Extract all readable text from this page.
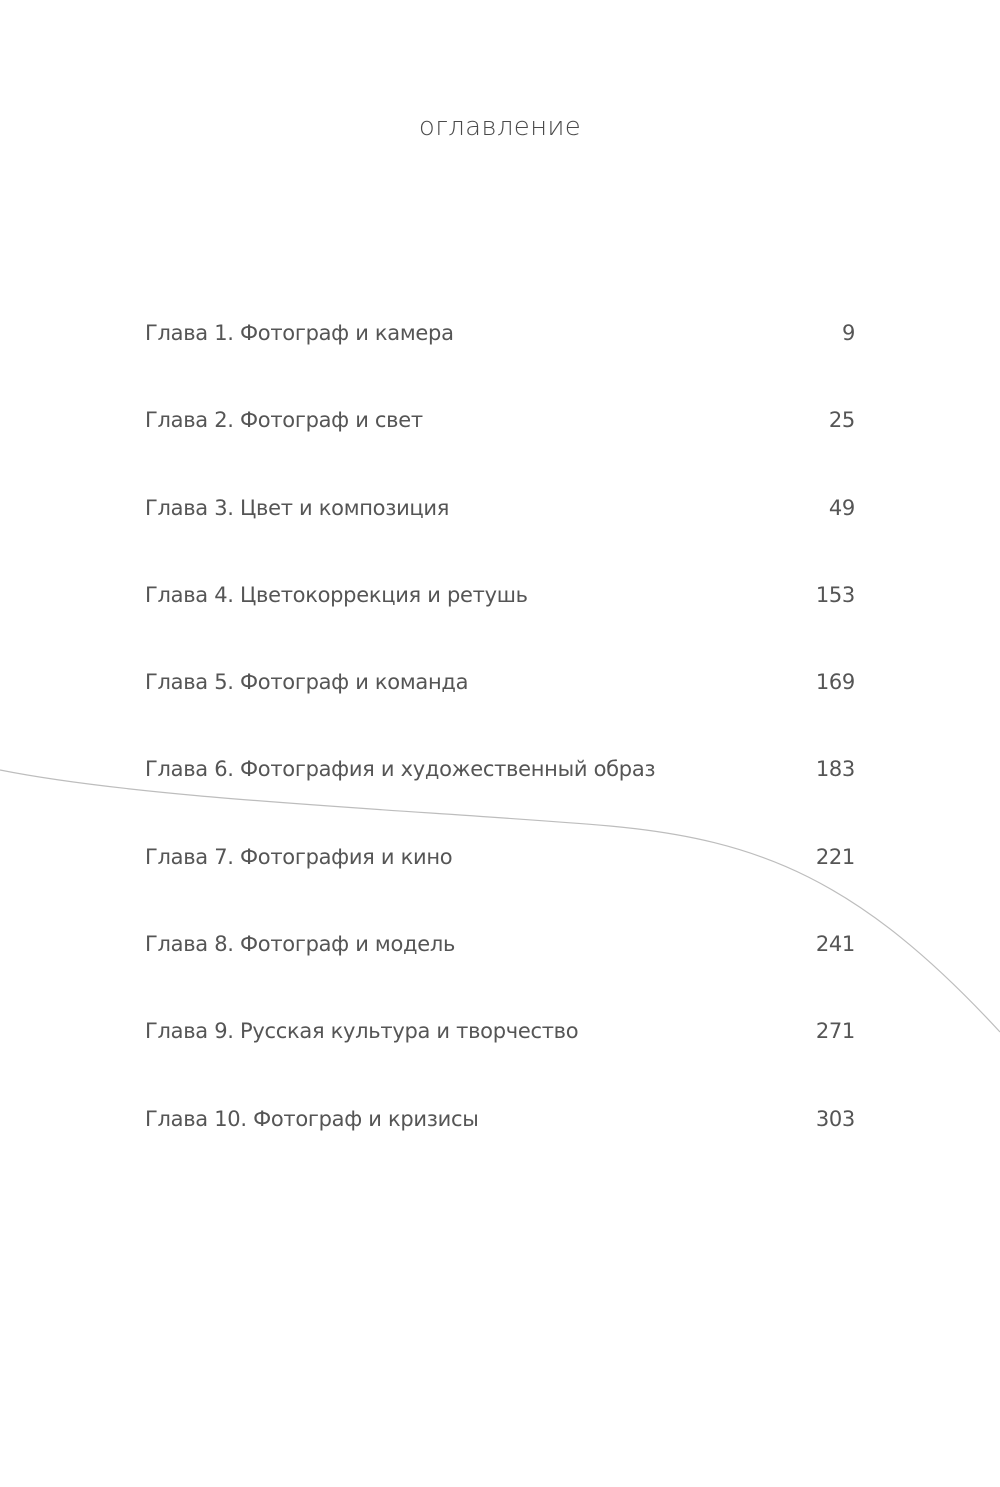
оглавление
Глава 1. Фотограф и камера	9
Глава 2. Фотограф и свет	25
Глава 3. Цвет и композиция	49
Глава 4. Цветокоррекция и ретушь	153
Глава 5. Фотограф и команда	169
Глава 6. Фотография и художественный образ	183
Глава 7. Фотография и кино	221
Глава 8. Фотограф и модель	241
Глава 9. Русская культура и творчество	271
Глава 10. Фотограф и кризисы	303
